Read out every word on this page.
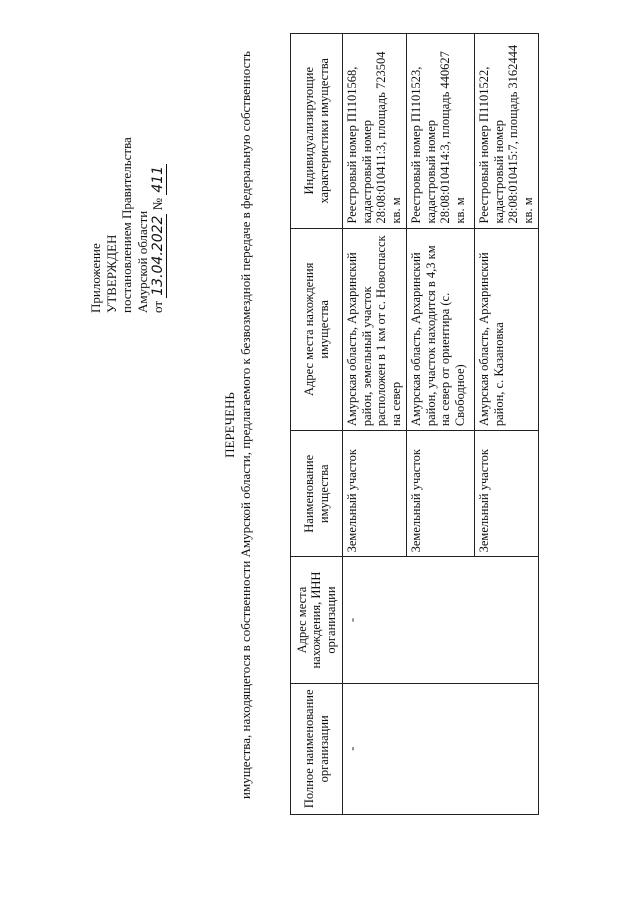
Приложение УТВЕРЖДЕН постановлением Правительства Амурской области от 13.04.2022 № 411
ПЕРЕЧЕНЬ имущества, находящегося в собственности Амурской области, предлагаемого к безвозмездной передаче в федеральную собственность	Полное наименование организации	Адрес места нахождения, ИНН организации	Наименование имущества	Адрес места нахождения имущества	Индивидуализирующие характеристики имущества
-	-	Земельный участок	Амурская область, Архаринский район, земельный участок расположен в 1 км от с. Новоспасск на север	Реестровый номер П1101568, кадастровый номер 28:08:010411:3, площадь 723504 кв. м
		Земельный участок	Амурская область, Архаринский район, участок находится в 4,3 км на север от ориентира (с. Свободное)	Реестровый номер П1101523, кадастровый номер 28:08:010414:3, площадь 440627 кв. м
		Земельный участок	Амурская область, Архаринский район, с. Казановка	Реестровый номер П1101522, кадастровый номер 28:08:010415:7, площадь 3162444 кв. м
